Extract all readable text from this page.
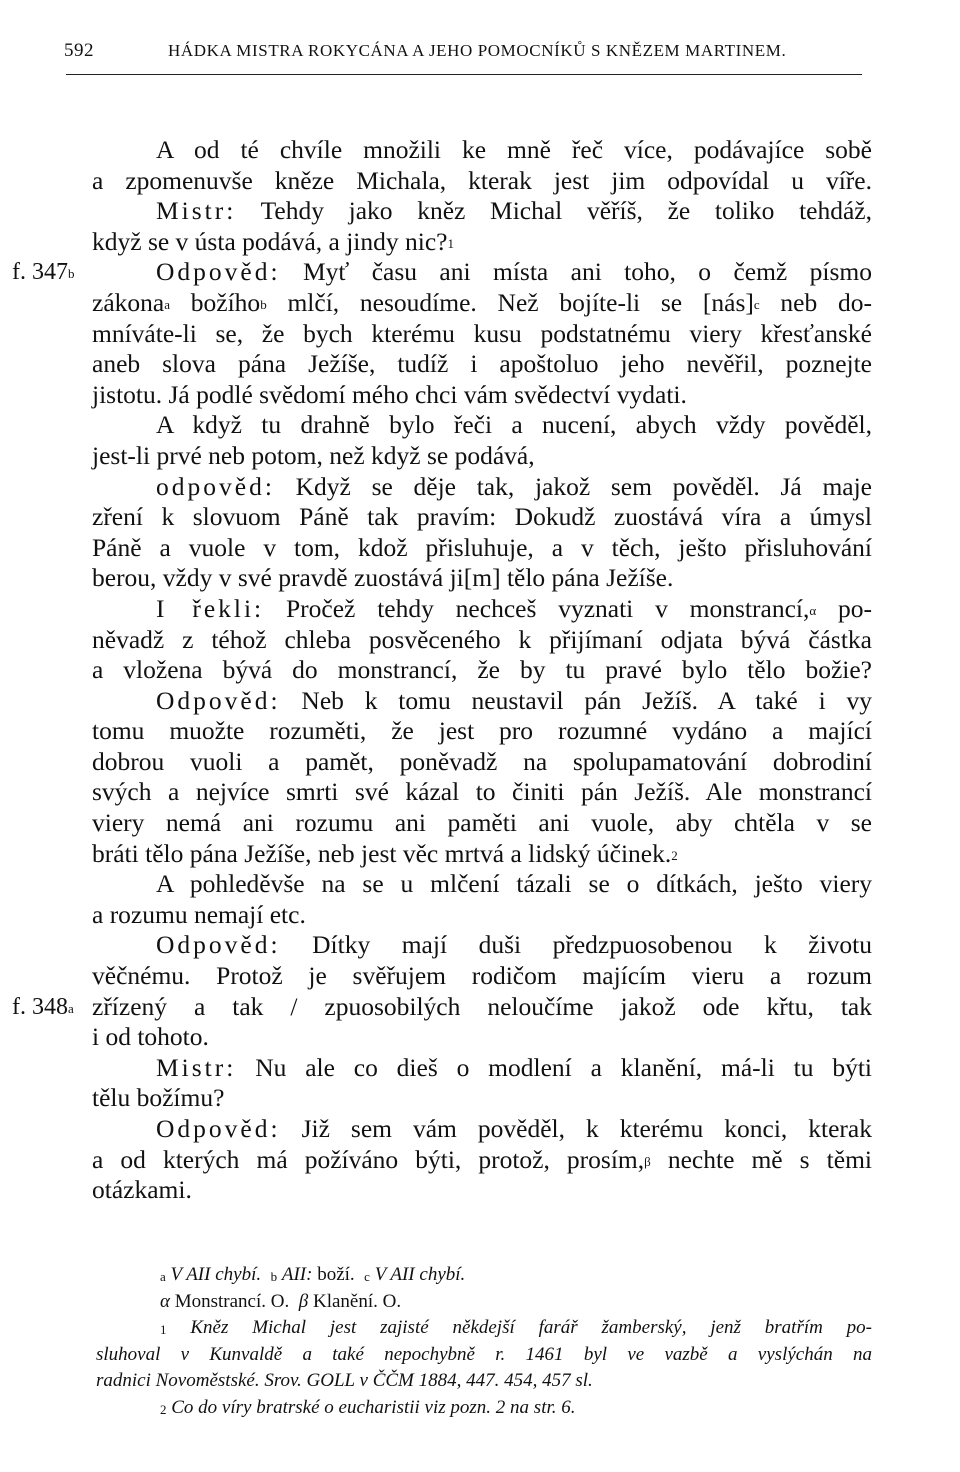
592	HÁDKA MISTRA ROKYCÁNA A JEHO POMOCNÍKŮ S KNĚZEM MARTINEM.
A od té chvíle množili ke mně řeč více, podávajíce sobě
a zpomenuvše kněze Michala, kterak jest jim odpovídal u víře.
Mistr: Tehdy jako kněz Michal věříš, že toliko tehdáž,
když se v ústa podává, a jindy nic?$^1$
f. 347$^b$	Odpověd: Myť času ani místa ani toho, o čemž písmo
zákona$^a$ božího$^b$ mlčí, nesoudíme. Než bojíte-li se [nás]$^c$ neb do-
mníváte-li se, že bych kterému kusu podstatnému viery křesťanské
aneb slova pána Ježíše, tudíž i apoštoluo jeho nevěřil, poznejte
jistotu. Já podlé svědomí mého chci vám svědectví vydati.
A když tu drahně bylo řeči a nucení, abych vždy pověděl,
jest-li prvé neb potom, než když se podává,
odpověd: Když se děje tak, jakož sem pověděl. Já maje
zření k slovuom Páně tak pravím: Dokudž zuostává víra a úmysl
Páně a vuole v tom, kdož přisluhuje, a v těch, ješto přisluhování
berou, vždy v své pravdě zuostává ji[m] tělo pána Ježíše.
I řekli: Pročež tehdy nechceš vyznati v monstrancí,$^\alpha$ po-
něvadž z téhož chleba posvěceného k přijímaní odjata bývá částka
a vložena bývá do monstrancí, že by tu pravé bylo tělo božie?
Odpověd: Neb k tomu neustavil pán Ježíš. A také i vy
tomu muožte rozuměti, že jest pro rozumné vydáno a mající
dobrou vuoli a pamět, poněvadž na spolupamatování dobrodiní
svých a nejvíce smrti své kázal to činiti pán Ježíš. Ale monstrancí
viery nemá ani rozumu ani paměti ani vuole, aby chtěla v se
bráti tělo pána Ježíše, neb jest věc mrtvá a lidský účinek.$^2$
A pohleděvše na se u mlčení tázali se o dítkách, ješto viery
a rozumu nemají etc.
Odpověd: Dítky mají duši předzpuosobenou k životu
věčnému. Protož je svěřujem rodičom majícím vieru a rozum
f. 348$^a$ zřízený a tak / zpuosobilých neloučíme jakož ode křtu, tak
i od tohoto.
Mistr: Nu ale co dieš o modlení a klanění, má-li tu býti
tělu božímu?
Odpověd: Již sem vám pověděl, k kterému konci, kterak
a od kterých má požíváno býti, protož, prosím,$^\beta$ nechte mě s těmi
otázkami.
$^a$ V AII chybí. $^b$ AII: boží. $^c$ V AII chybí.
α Monstrancí. O. β Klanění. O.
$^1$ Kněz Michal jest zajisté někdejší farář žamberský, jenž bratřím po-
sluhoval v Kunvaldě a také nepochybně r. 1461 byl ve vazbě a vyslýchán na
radnici Novoměstské. Srov. GOLL v ČČM 1884, 447. 454, 457 sl.
$^2$ Co do víry bratrské o eucharistii viz pozn. 2 na str. 6.
